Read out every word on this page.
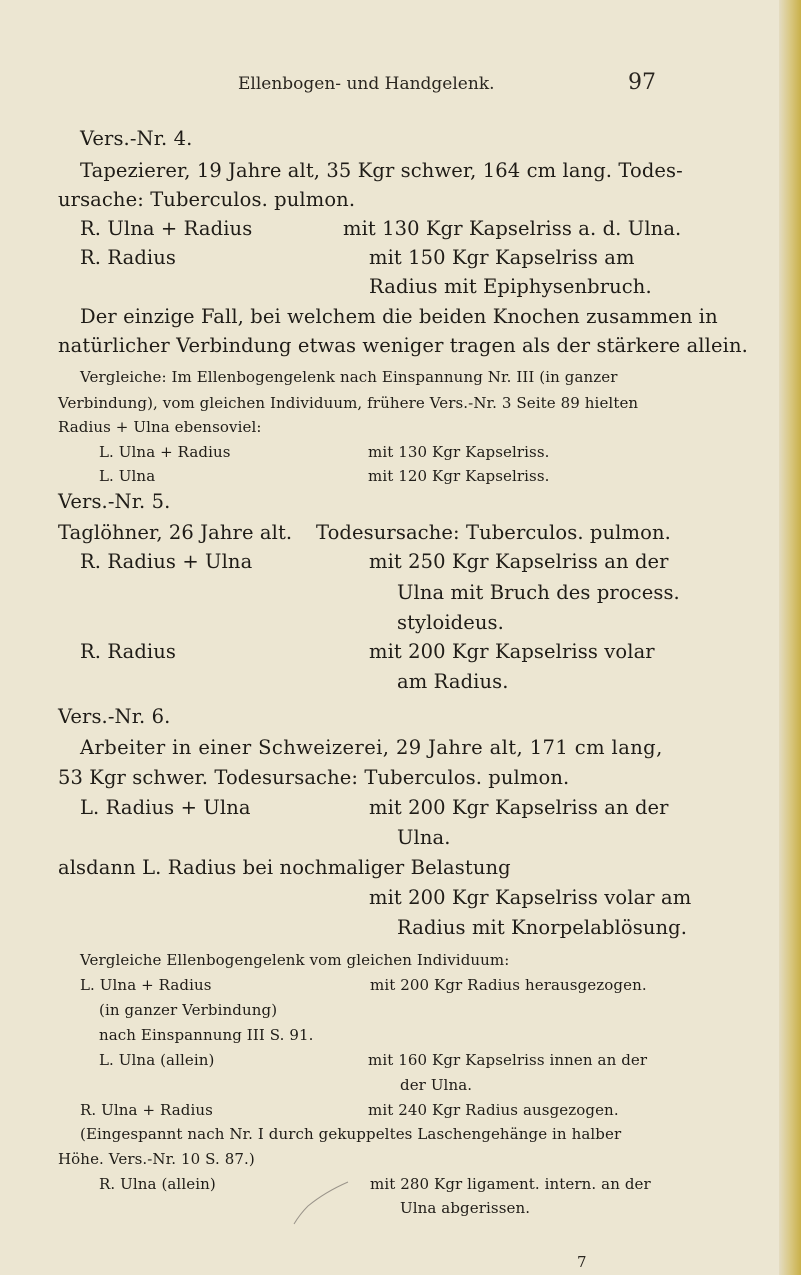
Ellenbogen- und Handgelenk.	97
Vers.-Nr. 4.
Tapezierer, 19 Jahre alt, 35 Kgr schwer, 164 cm lang. Todes-
ursache: Tuberculos. pulmon.
R. Ulna + Radius	mit 130 Kgr Kapselriss a. d. Ulna.
R. Radius	mit 150 Kgr Kapselriss am
Radius mit Epiphysenbruch.
Der einzige Fall, bei welchem die beiden Knochen zusammen in
natürlicher Verbindung etwas weniger tragen als der stärkere allein.
Vergleiche: Im Ellenbogengelenk nach Einspannung Nr. III (in ganzer
Verbindung), vom gleichen Individuum, frühere Vers.-Nr. 3 Seite 89 hielten
Radius + Ulna ebensoviel:
L. Ulna + Radius	mit 130 Kgr Kapselriss.
L. Ulna	mit 120 Kgr Kapselriss.
Vers.-Nr. 5.
Taglöhner, 26 Jahre alt. Todesursache: Tuberculos. pulmon.
R. Radius + Ulna	mit 250 Kgr Kapselriss an der
Ulna mit Bruch des process.
styloideus.
R. Radius	mit 200 Kgr Kapselriss volar
am Radius.
Vers.-Nr. 6.
Arbeiter in einer Schweizerei, 29 Jahre alt, 171 cm lang,
53 Kgr schwer. Todesursache: Tuberculos. pulmon.
L. Radius + Ulna	mit 200 Kgr Kapselriss an der
Ulna.
alsdann L. Radius bei nochmaliger Belastung
mit 200 Kgr Kapselriss volar am
Radius mit Knorpelablösung.
Vergleiche Ellenbogengelenk vom gleichen Individuum:
L. Ulna + Radius	mit 200 Kgr Radius herausgezogen.
(in ganzer Verbindung)
nach Einspannung III S. 91.
L. Ulna (allein)	mit 160 Kgr Kapselriss innen an der
der Ulna.
R. Ulna + Radius	mit 240 Kgr Radius ausgezogen.
(Eingespannt nach Nr. I durch gekuppeltes Laschengehänge in halber
Höhe. Vers.-Nr. 10 S. 87.)
R. Ulna (allein)	mit 280 Kgr ligament. intern. an der
Ulna abgerissen.
7
